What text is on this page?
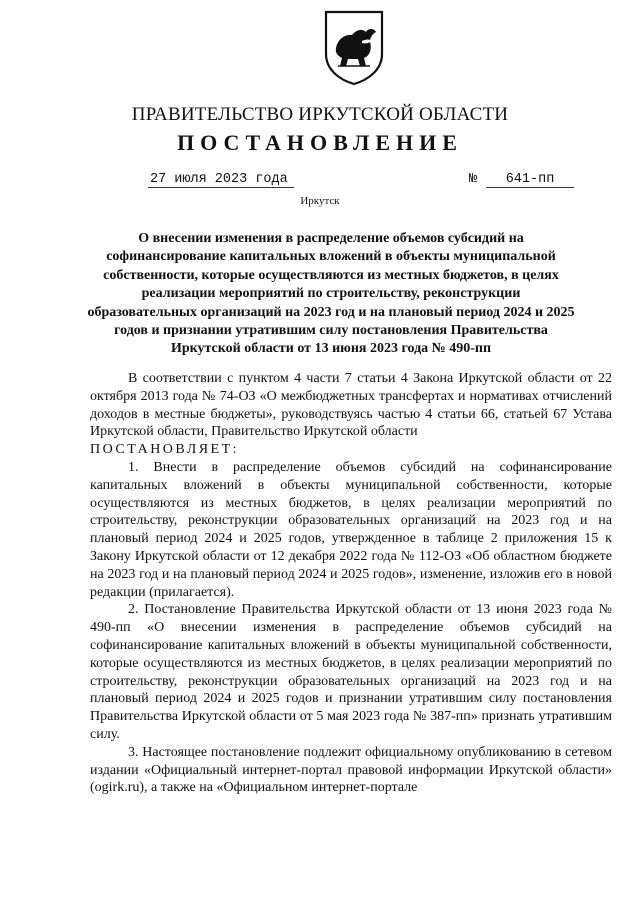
ПРАВИТЕЛЬСТВО ИРКУТСКОЙ ОБЛАСТИ
ПОСТАНОВЛЕНИЕ
27 июля 2023 года	№	641-пп
Иркутск
О внесении изменения в распределение объемов субсидий на софинансирование капитальных вложений в объекты муниципальной собственности, которые осуществляются из местных бюджетов, в целях реализации мероприятий по строительству, реконструкции образовательных организаций на 2023 год и на плановый период 2024 и 2025 годов и признании утратившим силу постановления Правительства Иркутской области от 13 июня 2023 года № 490-пп

В соответствии с пунктом 4 части 7 статьи 4 Закона Иркутской области от 22 октября 2013 года № 74-ОЗ «О межбюджетных трансфертах и нормативах отчислений доходов в местные бюджеты», руководствуясь частью 4 статьи 66, статьей 67 Устава Иркутской области, Правительство Иркутской области

ПОСТАНОВЛЯЕТ:

1. Внести в распределение объемов субсидий на софинансирование капитальных вложений в объекты муниципальной собственности, которые осуществляются из местных бюджетов, в целях реализации мероприятий по строительству, реконструкции образовательных организаций на 2023 год и на плановый период 2024 и 2025 годов, утвержденное в таблице 2 приложения 15 к Закону Иркутской области от 12 декабря 2022 года № 112-ОЗ «Об областном бюджете на 2023 год и на плановый период 2024 и 2025 годов», изменение, изложив его в новой редакции (прилагается).

2. Постановление Правительства Иркутской области от 13 июня 2023 года № 490-пп «О внесении изменения в распределение объемов субсидий на софинансирование капитальных вложений в объекты муниципальной собственности, которые осуществляются из местных бюджетов, в целях реализации мероприятий по строительству, реконструкции образовательных организаций на 2023 год и на плановый период 2024 и 2025 годов и признании утратившим силу постановления Правительства Иркутской области от 5 мая 2023 года № 387-пп» признать утратившим силу.

3. Настоящее постановление подлежит официальному опубликованию в сетевом издании «Официальный интернет-портал правовой информации Иркутской области» (ogirk.ru), а также на «Официальном интернет-портале
